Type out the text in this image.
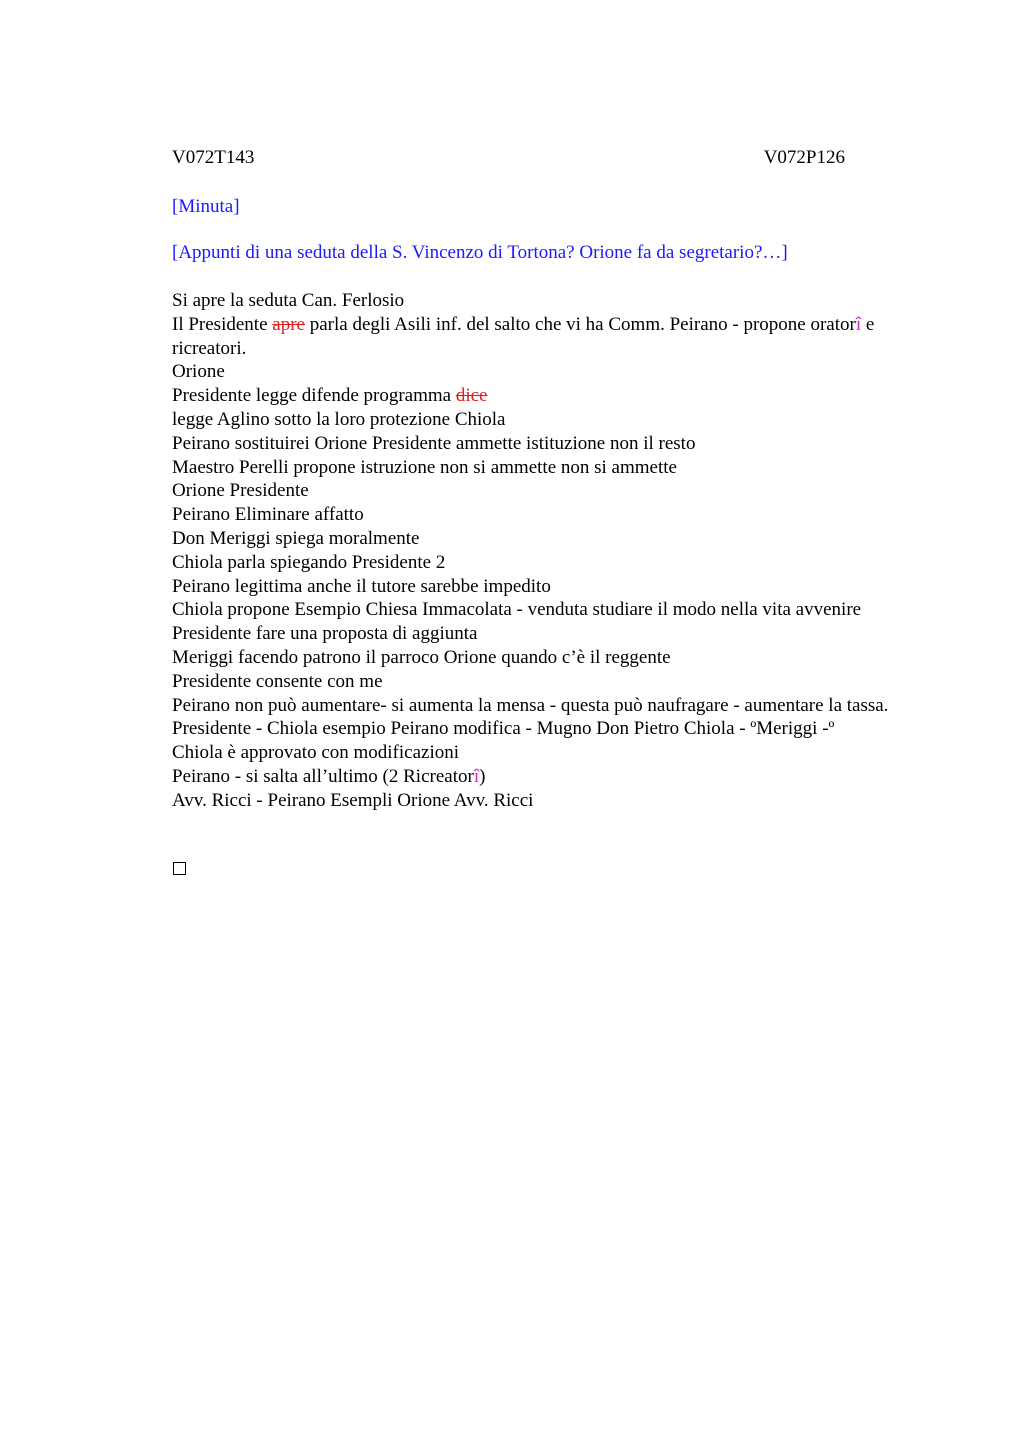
V072T143	V072P126
[Minuta]
[Appunti di una seduta della S. Vincenzo di Tortona? Orione fa da segretario?…]
Si apre la seduta Can. Ferlosio
Il Presidente apre parla degli Asili inf. del salto che vi ha Comm. Peirano - propone oratorî e ricreatori.
Orione
Presidente legge difende programma dice
legge Aglino sotto la loro protezione Chiola
Peirano sostituirei Orione Presidente ammette istituzione non il resto
Maestro Perelli propone istruzione non si ammette non si ammette
Orione Presidente
Peirano Eliminare affatto
Don Meriggi spiega moralmente
Chiola parla spiegando Presidente 2
Peirano legittima anche il tutore sarebbe impedito
Chiola propone Esempio Chiesa Immacolata - venduta studiare il modo nella vita avvenire
Presidente fare una proposta di aggiunta
Meriggi facendo patrono il parroco Orione quando c’è il reggente
Presidente consente con me
Peirano non può aumentare- si aumenta la mensa - questa può naufragare - aumentare la tassa.
Presidente - Chiola esempio Peirano modifica - Mugno Don Pietro Chiola - ºMeriggi -º
Chiola è approvato con modificazioni
Peirano - si salta all’ultimo (2 Ricreatorî)
Avv. Ricci - Peirano Esempli Orione Avv. Ricci
